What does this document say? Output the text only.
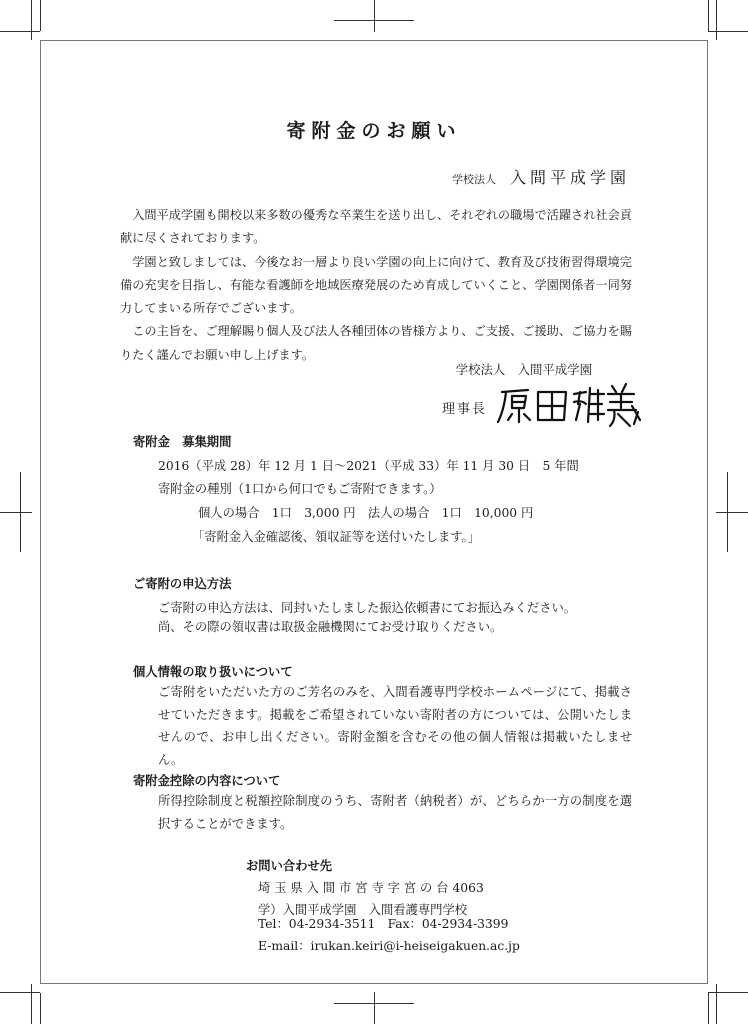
寄附金のお願い
学校法人 入間平成学園

入間平成学園も開校以来多数の優秀な卒業生を送り出し、それぞれの職場で活躍され社会貢献に尽くされております。

学園と致しましては、今後なお一層より良い学園の向上に向けて、教育及び技術習得環境完備の充実を目指し、有能な看護師を地域医療発展のため育成していくこと、学園関係者一同努力してまいる所存でございます。

この主旨を、ご理解賜り個人及び法人各種団体の皆様方より、ご支援、ご援助、ご協力を賜りたく謹んでお願い申し上げます。

学校法人　入間平成学園
理事長
寄附金　募集期間
2016（平成 28）年 12 月 1 日～2021（平成 33）年 11 月 30 日　5 年間
寄附金の種別（1口から何口でもご寄附できます。）
個人の場合　1口　3,000 円　法人の場合　1口　10,000 円
「寄附金入金確認後、領収証等を送付いたします。」
ご寄附の申込方法
ご寄附の申込方法は、同封いたしました振込依頼書にてお振込みください。
尚、その際の領収書は取扱金融機関にてお受け取りください。
個人情報の取り扱いについて
ご寄附をいただいた方のご芳名のみを、入間看護専門学校ホームページにて、掲載させていただきます。掲載をご希望されていない寄附者の方については、公開いたしませんので、お申し出ください。寄附金額を含むその他の個人情報は掲載いたしません。
寄附金控除の内容について
所得控除制度と税額控除制度のうち、寄附者（納税者）が、どちらか一方の制度を選択することができます。
お問い合わせ先
埼 玉 県 入 間 市 宮 寺 字 宮 の 台 4063
学）入間平成学園　入間看護専門学校
Tel：04-2934-3511　Fax：04-2934-3399
E-mail：irukan.keiri@i-heiseigakuen.ac.jp
